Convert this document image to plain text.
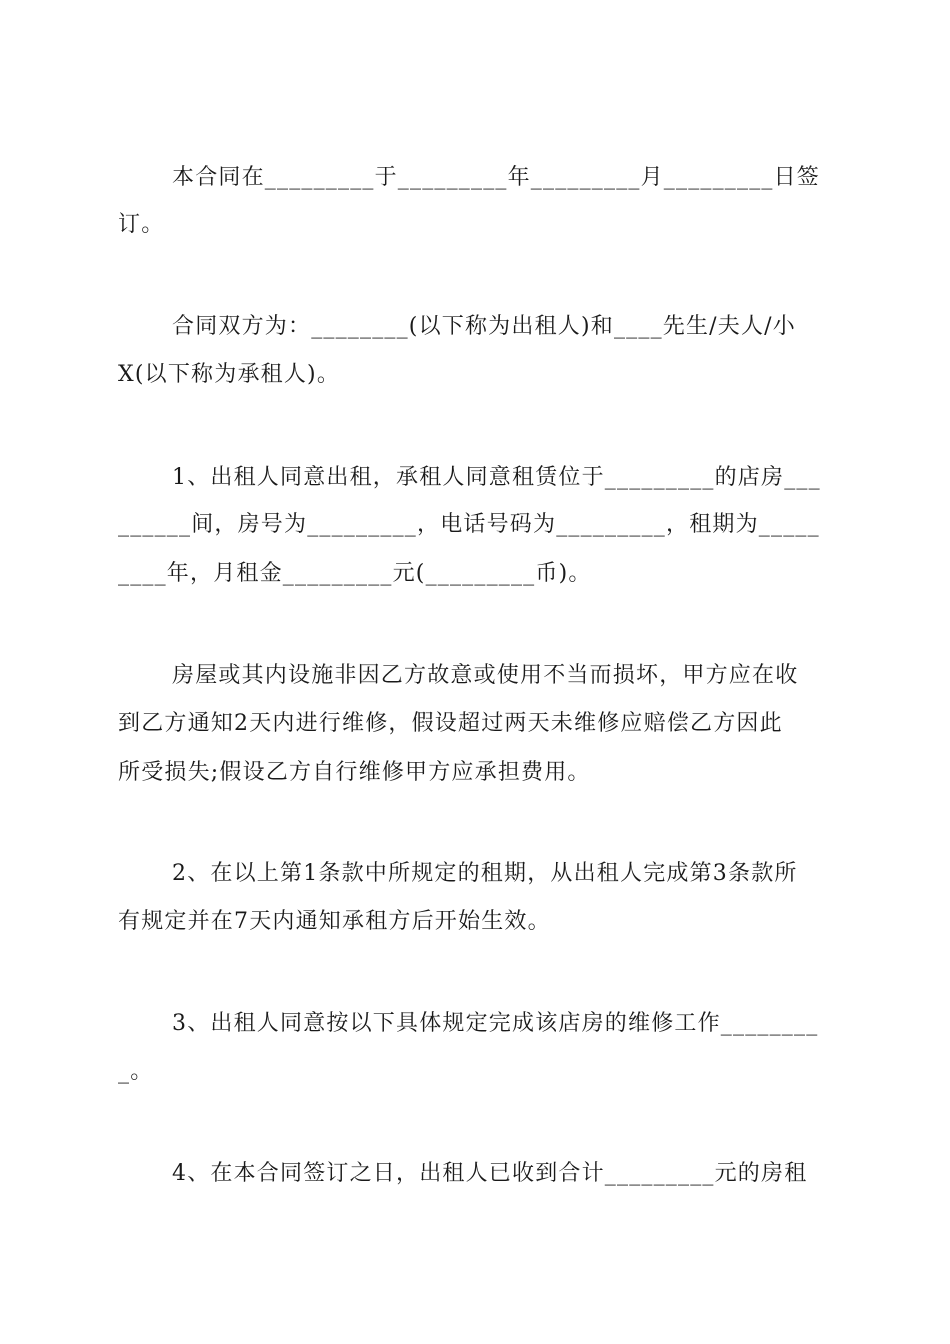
本合同在_________于_________年_________月_________日签
订。
合同双方为：________(以下称为出租人)和____先生/夫人/小
X(以下称为承租人)。
1、出租人同意出租，承租人同意租赁位于_________的店房___
______间，房号为_________，电话号码为_________，租期为_____
____年，月租金_________元(_________币)。
房屋或其内设施非因乙方故意或使用不当而损坏，甲方应在收
到乙方通知2天内进行维修，假设超过两天未维修应赔偿乙方因此
所受损失;假设乙方自行维修甲方应承担费用。
2、在以上第1条款中所规定的租期，从出租人完成第3条款所
有规定并在7天内通知承租方后开始生效。
3、出租人同意按以下具体规定完成该店房的维修工作________
_。
4、在本合同签订之日，出租人已收到合计_________元的房租
